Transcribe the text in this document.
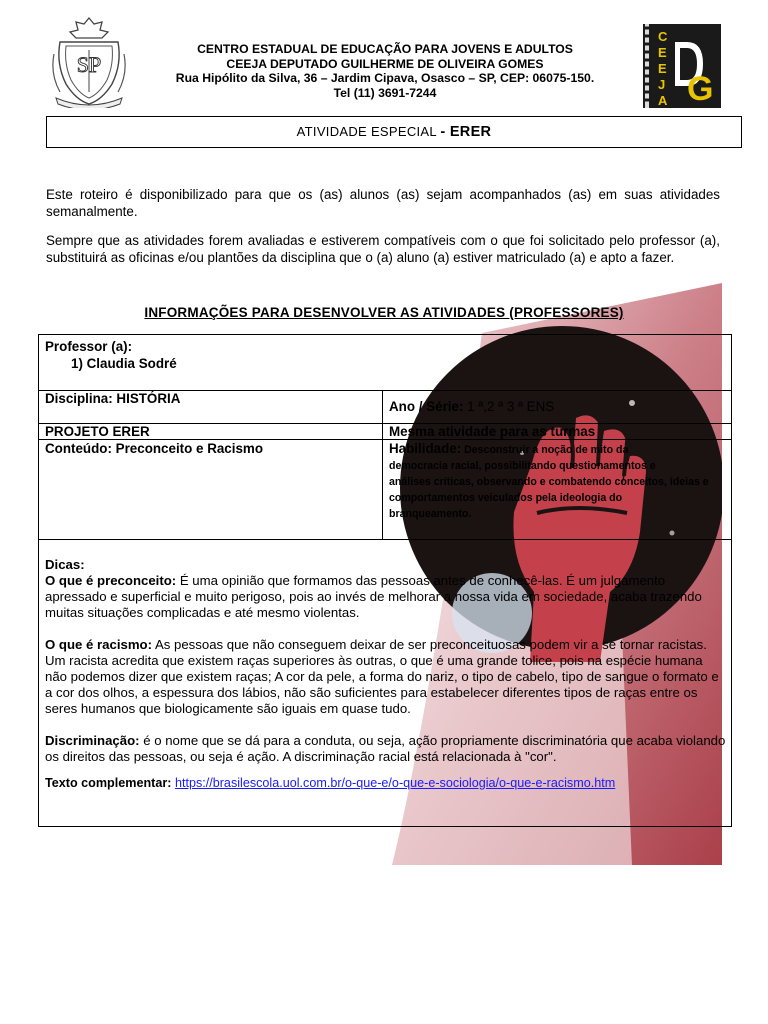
SP
CENTRO ESTADUAL DE EDUCAÇÃO PARA JOVENS E ADULTOS
CEEJA DEPUTADO GUILHERME DE OLIVEIRA GOMES
Rua Hipólito da Silva, 36 – Jardim Cipava, Osasco – SP, CEP: 06075-150.
Tel (11) 3691-7244
C
E
E
J
A G
ATIVIDADE ESPECIAL - ERER
Este roteiro é disponibilizado para que os (as) alunos (as) sejam acompanhados (as) em suas atividades semanalmente.
Sempre que as atividades forem avaliadas e estiverem compatíveis com o que foi solicitado pelo professor (a), substituirá as oficinas e/ou plantões da disciplina que o (a) aluno (a) estiver matriculado (a) e apto a fazer.
INFORMAÇÕES PARA DESENVOLVER AS ATIVIDADES (PROFESSORES)
Professor (a):
1) Claudia Sodré
Disciplina: HISTÓRIA
Ano / Série: 1 ª,2 ª 3 ª ENS
PROJETO ERER	Mesma atividade para as turmas
Conteúdo: Preconceito e Racismo	Habilidade: Desconstruir a noção de mito da
democracia racial, possibilitando questionamentos e
análises críticas, observando e combatendo conceitos, ideias e
comportamentos veiculados pela ideologia do
branqueamento.
Dicas:

O que é preconceito: É uma opinião que formamos das pessoas antes de conhecê-las. É um julgamento apressado e superficial e muito perigoso, pois ao invés de melhorar a nossa vida em sociedade, acaba trazendo muitas situações complicadas e até mesmo violentas.

O que é racismo: As pessoas que não conseguem deixar de ser preconceituosas podem vir a se tornar racistas. Um racista acredita que existem raças superiores às outras, o que é uma grande tolice, pois na espécie humana não podemos dizer que existem raças; A cor da pele, a forma do nariz, o tipo de cabelo, tipo de sangue o formato e a cor dos olhos, a espessura dos lábios, não são suficientes para estabelecer diferentes tipos de raças entre os seres humanos que biologicamente são iguais em quase tudo.

Discriminação: é o nome que se dá para a conduta, ou seja, ação propriamente discriminatória que acaba violando os direitos das pessoas, ou seja é ação. A discriminação racial está relacionada à "cor".

Texto complementar: https://brasilescola.uol.com.br/o-que-e/o-que-e-sociologia/o-que-e-racismo.htm
